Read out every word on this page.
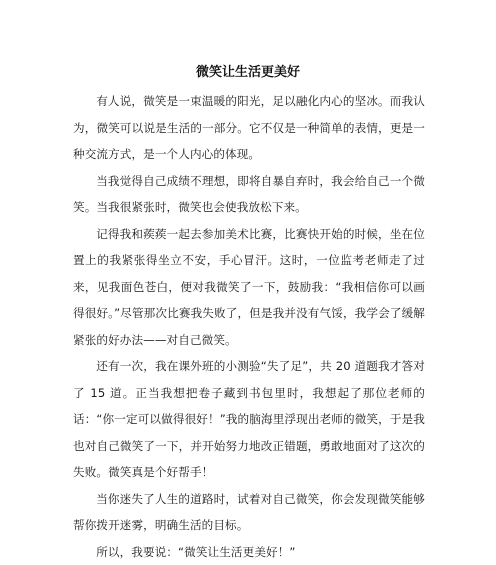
微笑让生活更美好

有人说，微笑是一束温暖的阳光，足以融化内心的坚冰。而我认为，微笑可以说是生活的一部分。它不仅是一种简单的表情，更是一种交流方式，是一个人内心的体现。

当我觉得自己成绩不理想，即将自暴自弃时，我会给自己一个微笑。当我很紧张时，微笑也会使我放松下来。

记得我和蒺蒺一起去参加美术比赛，比赛快开始的时候，坐在位置上的我紧张得坐立不安，手心冒汗。这时，一位监考老师走了过来，见我面色苍白，便对我微笑了一下，鼓励我：“我相信你可以画得很好。”尽管那次比赛我失败了，但是我并没有气馁，我学会了缓解紧张的好办法——对自己微笑。

还有一次，我在课外班的小测验“失了足”，共 20 道题我才答对了 15 道。正当我想把卷子藏到书包里时，我想起了那位老师的话：“你一定可以做得很好！”我的脑海里浮现出老师的微笑，于是我也对自己微笑了一下，并开始努力地改正错题，勇敢地面对了这次的失败。微笑真是个好帮手！

当你迷失了人生的道路时，试着对自己微笑，你会发现微笑能够帮你拨开迷雾，明确生活的目标。

所以，我要说：“微笑让生活更美好！”
